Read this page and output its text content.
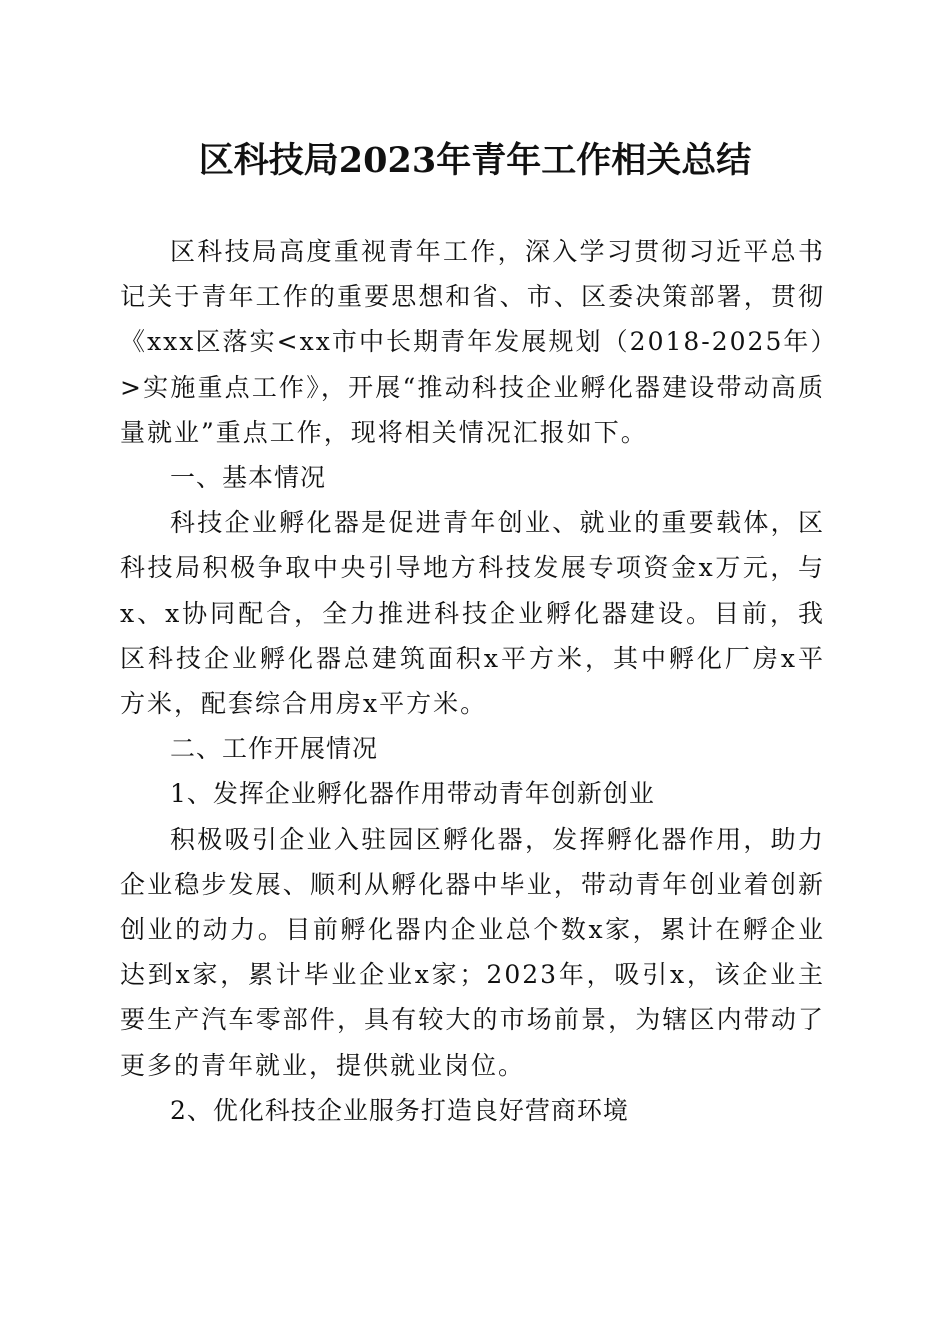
区科技局2023年青年工作相关总结

区科技局高度重视青年工作，深入学习贯彻习近平总书记关于青年工作的重要思想和省、市、区委决策部署，贯彻《xxx区落实<xx市中长期青年发展规划（2018-2025年）>实施重点工作》，开展“推动科技企业孵化器建设带动高质量就业”重点工作，现将相关情况汇报如下。

一、基本情况

科技企业孵化器是促进青年创业、就业的重要载体，区科技局积极争取中央引导地方科技发展专项资金x万元，与x、x协同配合，全力推进科技企业孵化器建设。目前，我区科技企业孵化器总建筑面积x平方米，其中孵化厂房x平方米，配套综合用房x平方米。

二、工作开展情况

1、发挥企业孵化器作用带动青年创新创业

积极吸引企业入驻园区孵化器，发挥孵化器作用，助力企业稳步发展、顺利从孵化器中毕业，带动青年创业着创新创业的动力。目前孵化器内企业总个数x家，累计在孵企业达到x家，累计毕业企业x家；2023年，吸引x，该企业主要生产汽车零部件，具有较大的市场前景，为辖区内带动了更多的青年就业，提供就业岗位。

2、优化科技企业服务打造良好营商环境
